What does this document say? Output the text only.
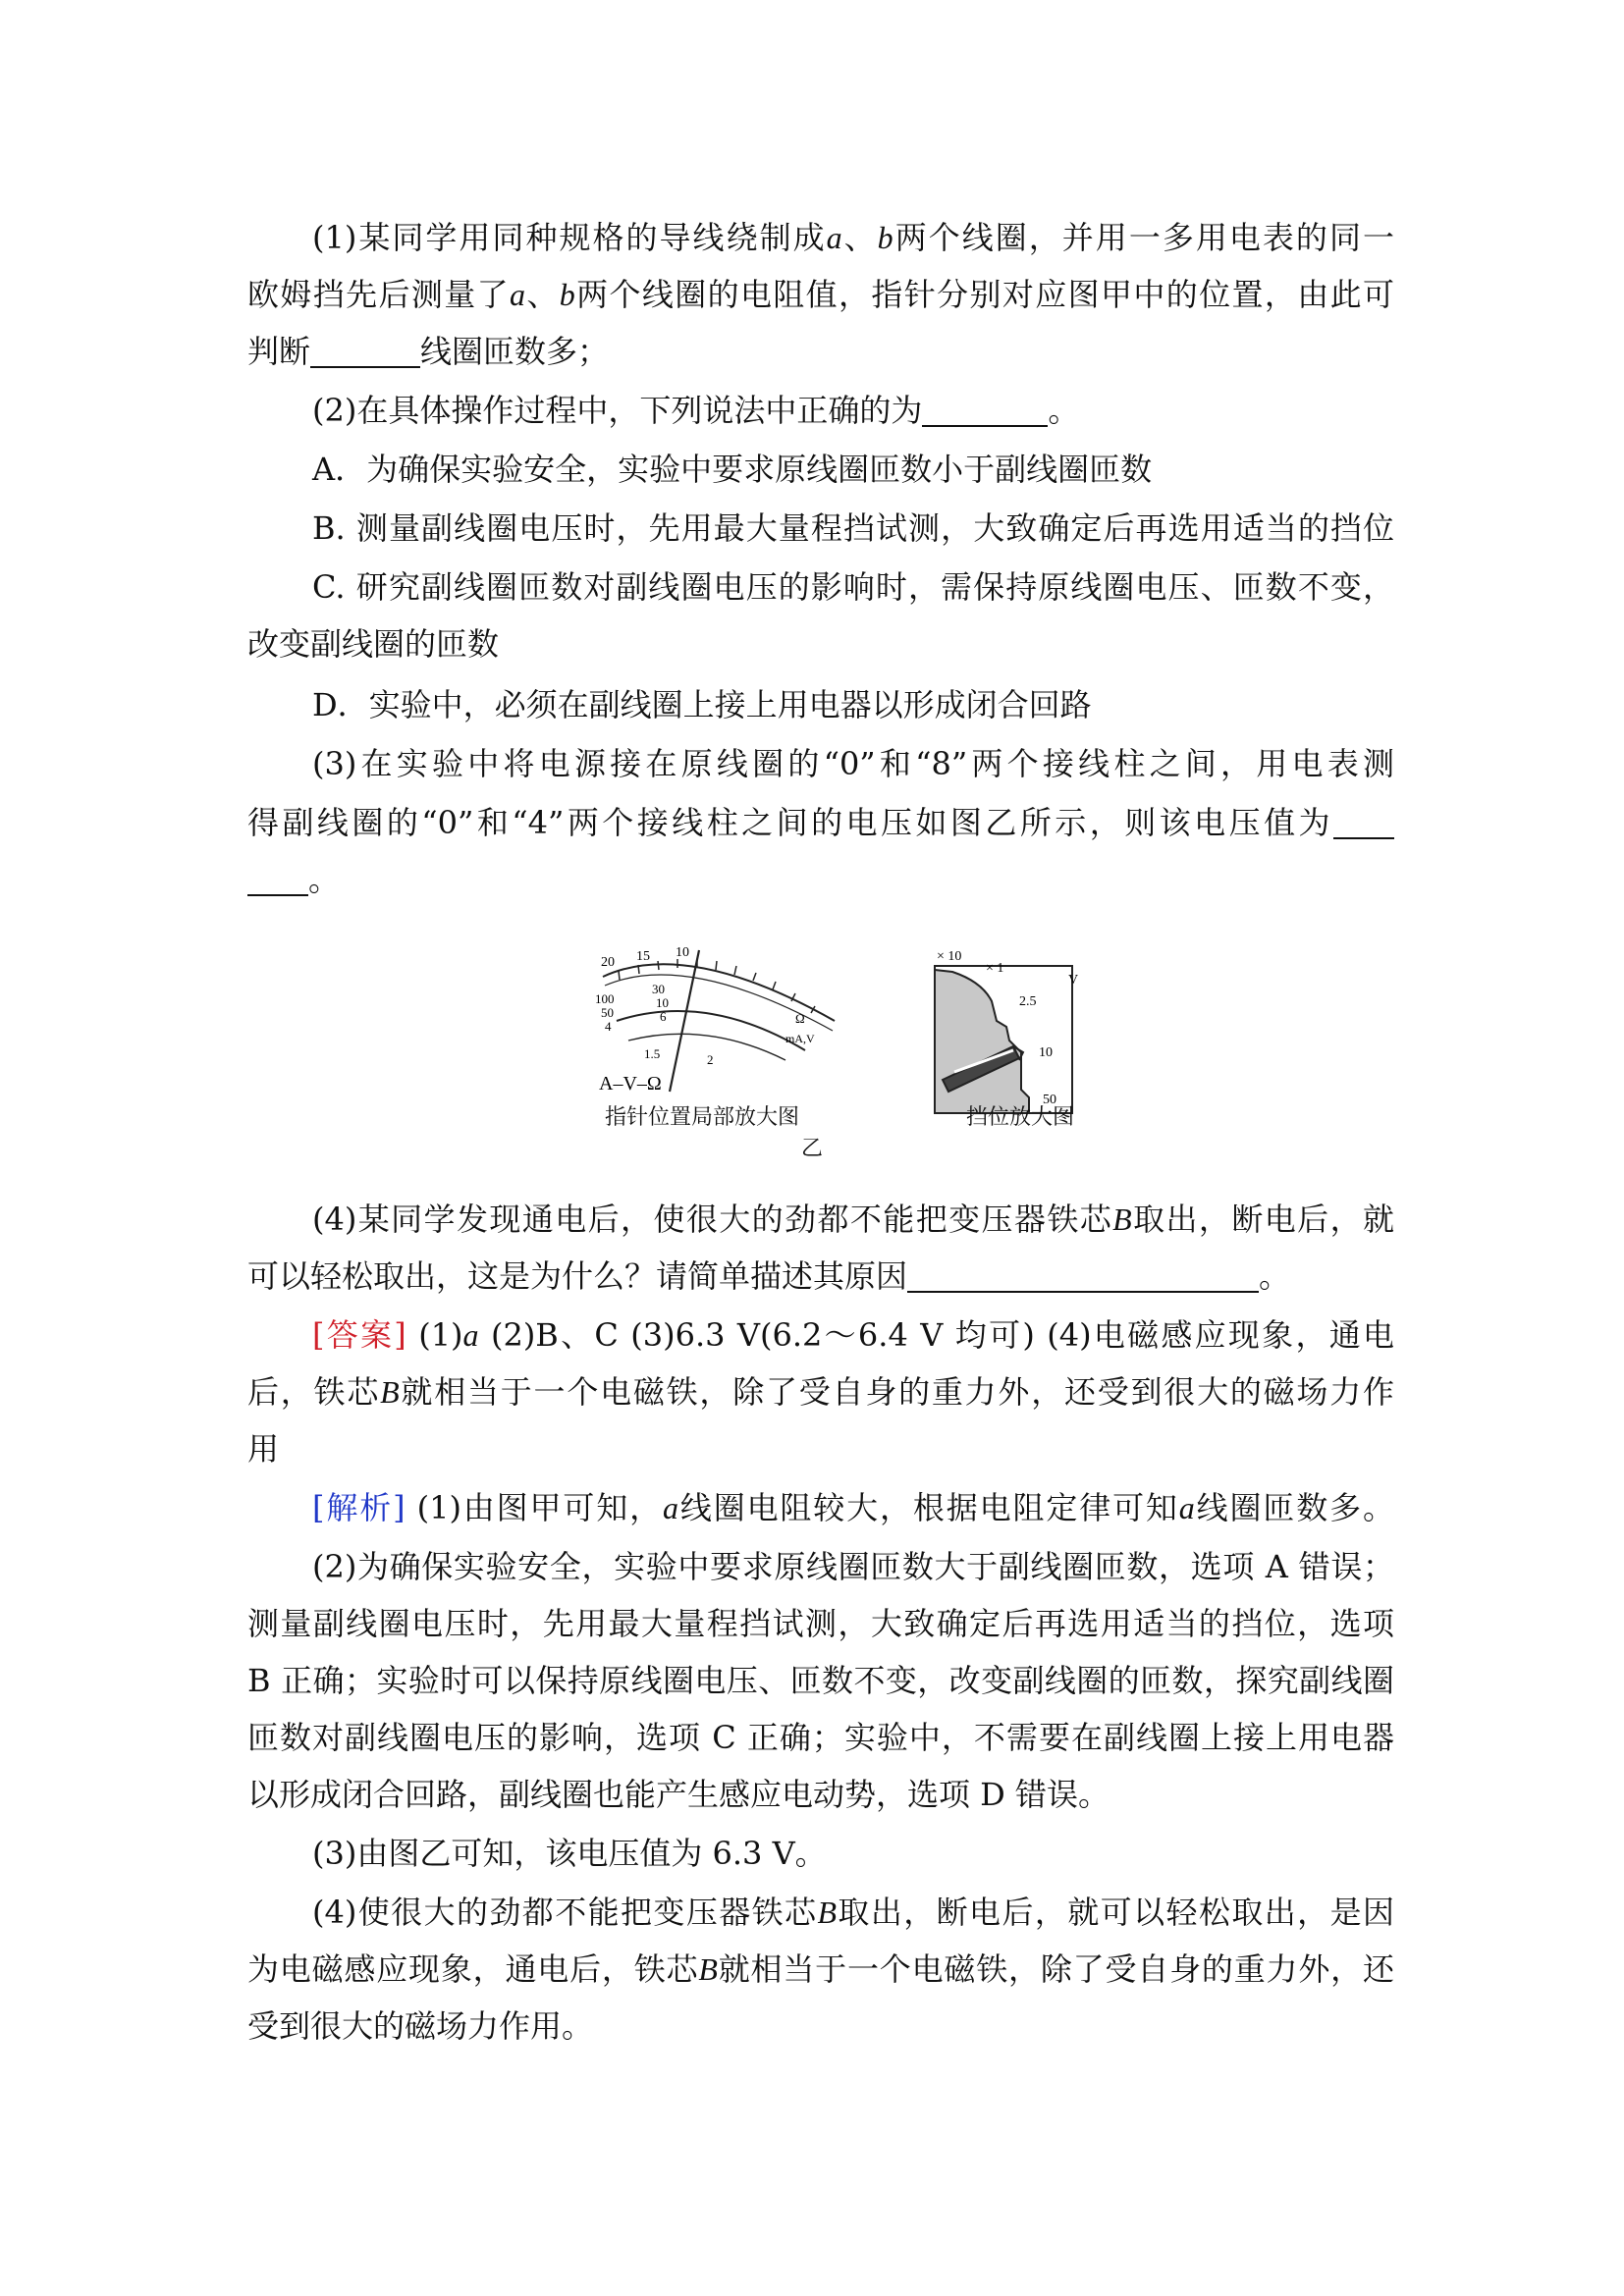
(1)某同学用同种规格的导线绕制成a、b两个线圈，并用一多用电表的同一
欧姆挡先后测量了a、b两个线圈的电阻值，指针分别对应图甲中的位置，由此可
判断	线圈匝数多；
(2)在具体操作过程中，下列说法中正确的为	。
A．为确保实验安全，实验中要求原线圈匝数小于副线圈匝数
B. 测量副线圈电压时，先用最大量程挡试测，大致确定后再选用适当的挡位
C. 研究副线圈匝数对副线圈电压的影响时，需保持原线圈电压、匝数不变，
改变副线圈的匝数
D．实验中，必须在副线圈上接上用电器以形成闭合回路
(3)在实验中将电源接在原线圈的“0”和“8”两个接线柱之间，用电表测
得副线圈的“0”和“4”两个接线柱之间的电压如图乙所示，则该电压值为
。
20 15 10
100
50
4
30
10
6
1.5	2
Ω
mA,V
A–V–Ω
× 10
× 1
V
2.5
10
50
指针位置局部放大图	挡位放大图
乙
(4)某同学发现通电后，使很大的劲都不能把变压器铁芯B取出，断电后，就
可以轻松取出，这是为什么？请简单描述其原因	。
[答案] (1)a (2)B、C (3)6.3 V(6.2～6.4 V 均可) (4)电磁感应现象，通电
后，铁芯B就相当于一个电磁铁，除了受自身的重力外，还受到很大的磁场力作
用
[解析] (1)由图甲可知，a线圈电阻较大，根据电阻定律可知a线圈匝数多。
(2)为确保实验安全，实验中要求原线圈匝数大于副线圈匝数，选项 A 错误；
测量副线圈电压时，先用最大量程挡试测，大致确定后再选用适当的挡位，选项
B 正确；实验时可以保持原线圈电压、匝数不变，改变副线圈的匝数，探究副线圈
匝数对副线圈电压的影响，选项 C 正确；实验中，不需要在副线圈上接上用电器
以形成闭合回路，副线圈也能产生感应电动势，选项 D 错误。
(3)由图乙可知，该电压值为 6.3 V。
(4)使很大的劲都不能把变压器铁芯B取出，断电后，就可以轻松取出，是因
为电磁感应现象，通电后，铁芯B就相当于一个电磁铁，除了受自身的重力外，还
受到很大的磁场力作用。
